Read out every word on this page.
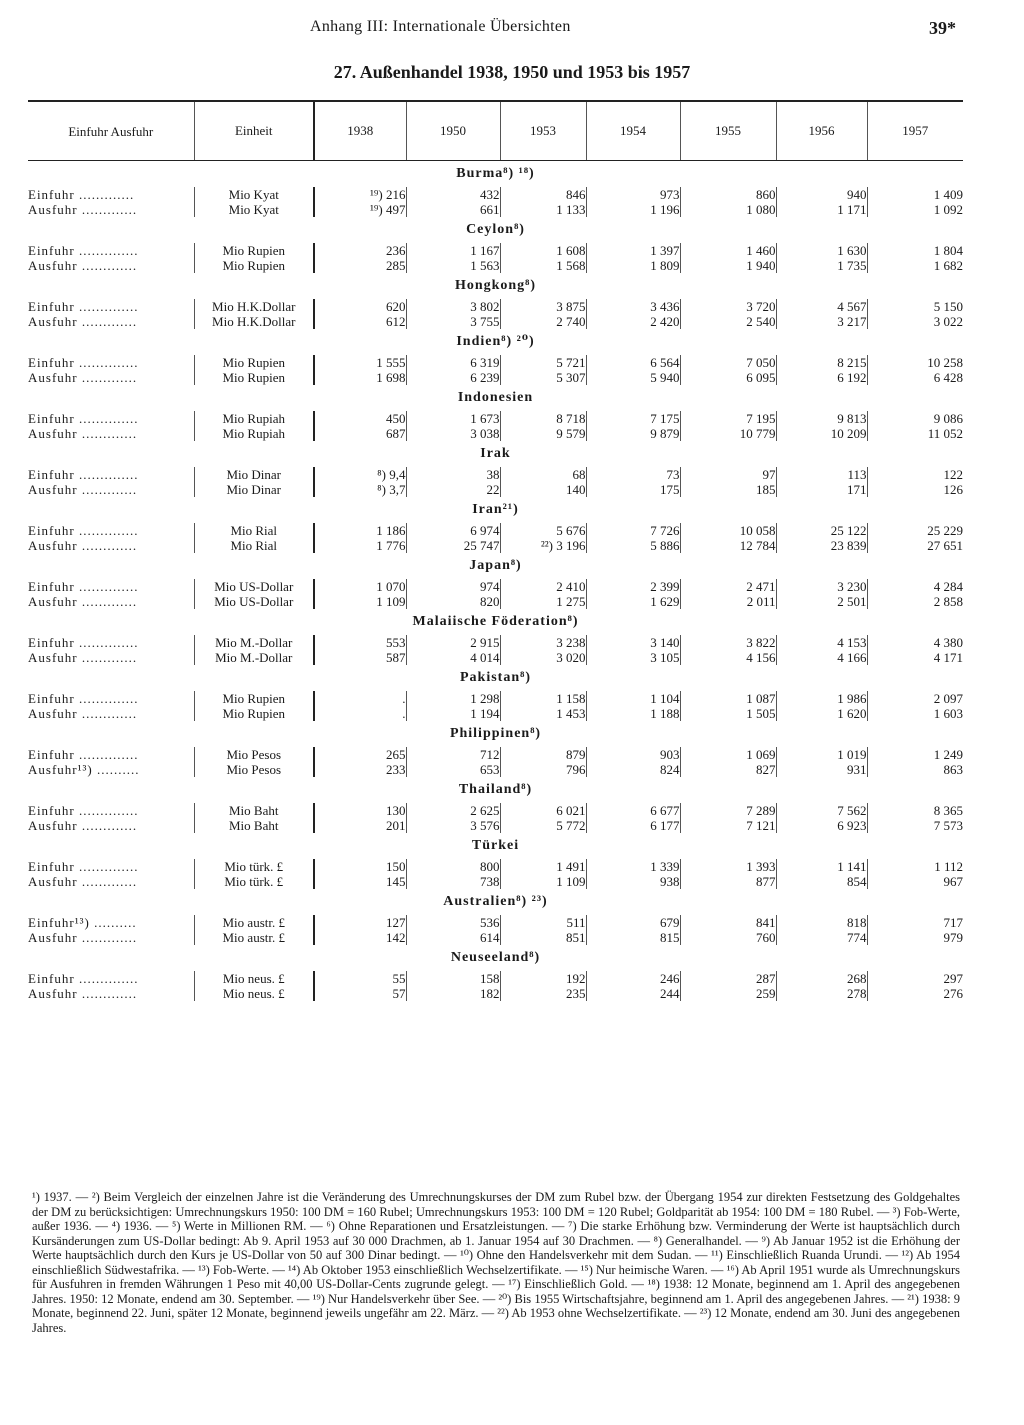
Anhang III: Internationale Übersichten	39*
27. Außenhandel 1938, 1950 und 1953 bis 1957
Einfuhr Ausfuhr	Einheit	1938	1950	1953	1954	1955	1956	1957
Burma⁸) ¹⁸)								
Einfuhr .............	Mio Kyat	¹⁹) 216	432	846	973	860	940	1 409
Ausfuhr .............	Mio Kyat	¹⁹) 497	661	1 133	1 196	1 080	1 171	1 092
Ceylon⁸)								
Einfuhr ..............	Mio Rupien	236	1 167	1 608	1 397	1 460	1 630	1 804
Ausfuhr .............	Mio Rupien	285	1 563	1 568	1 809	1 940	1 735	1 682
Hongkong⁸)								
Einfuhr ..............	Mio H.K.Dollar	620	3 802	3 875	3 436	3 720	4 567	5 150
Ausfuhr .............	Mio H.K.Dollar	612	3 755	2 740	2 420	2 540	3 217	3 022
Indien⁸) ²⁰)								
Einfuhr ..............	Mio Rupien	1 555	6 319	5 721	6 564	7 050	8 215	10 258
Ausfuhr .............	Mio Rupien	1 698	6 239	5 307	5 940	6 095	6 192	6 428
Indonesien								
Einfuhr ..............	Mio Rupiah	450	1 673	8 718	7 175	7 195	9 813	9 086
Ausfuhr .............	Mio Rupiah	687	3 038	9 579	9 879	10 779	10 209	11 052
Irak								
Einfuhr ..............	Mio Dinar	⁸) 9,4	38	68	73	97	113	122
Ausfuhr .............	Mio Dinar	⁸) 3,7	22	140	175	185	171	126
Iran²¹)								
Einfuhr ..............	Mio Rial	1 186	6 974	5 676	7 726	10 058	25 122	25 229
Ausfuhr .............	Mio Rial	1 776	25 747	²²) 3 196	5 886	12 784	23 839	27 651
Japan⁸)								
Einfuhr ..............	Mio US-Dollar	1 070	974	2 410	2 399	2 471	3 230	4 284
Ausfuhr .............	Mio US-Dollar	1 109	820	1 275	1 629	2 011	2 501	2 858
Malaiische Föderation⁸)								
Einfuhr ..............	Mio M.-Dollar	553	2 915	3 238	3 140	3 822	4 153	4 380
Ausfuhr .............	Mio M.-Dollar	587	4 014	3 020	3 105	4 156	4 166	4 171
Pakistan⁸)								
Einfuhr ..............	Mio Rupien	.	1 298	1 158	1 104	1 087	1 986	2 097
Ausfuhr .............	Mio Rupien	.	1 194	1 453	1 188	1 505	1 620	1 603
Philippinen⁸)								
Einfuhr ..............	Mio Pesos	265	712	879	903	1 069	1 019	1 249
Ausfuhr¹³) ..........	Mio Pesos	233	653	796	824	827	931	863
Thailand⁸)								
Einfuhr ..............	Mio Baht	130	2 625	6 021	6 677	7 289	7 562	8 365
Ausfuhr .............	Mio Baht	201	3 576	5 772	6 177	7 121	6 923	7 573
Türkei								
Einfuhr ..............	Mio türk. £	150	800	1 491	1 339	1 393	1 141	1 112
Ausfuhr .............	Mio türk. £	145	738	1 109	938	877	854	967
Australien⁸) ²³)								
Einfuhr¹³) ..........	Mio austr. £	127	536	511	679	841	818	717
Ausfuhr .............	Mio austr. £	142	614	851	815	760	774	979
Neuseeland⁸)								
Einfuhr ..............	Mio neus. £	55	158	192	246	287	268	297
Ausfuhr .............	Mio neus. £	57	182	235	244	259	278	276
¹) 1937. — ²) Beim Vergleich der einzelnen Jahre ist die Veränderung des Umrechnungskurses der DM zum Rubel bzw. der Übergang 1954 zur direkten Festsetzung des Goldgehaltes der DM zu berücksichtigen: Umrechnungskurs 1950: 100 DM = 160 Rubel; Umrechnungskurs 1953: 100 DM = 120 Rubel; Goldparität ab 1954: 100 DM = 180 Rubel. — ³) Fob-Werte, außer 1936. — ⁴) 1936. — ⁵) Werte in Millionen RM. — ⁶) Ohne Reparationen und Ersatzleistungen. — ⁷) Die starke Erhöhung bzw. Verminderung der Werte ist hauptsächlich durch Kursänderungen zum US-Dollar bedingt: Ab 9. April 1953 auf 30 000 Drachmen, ab 1. Januar 1954 auf 30 Drachmen. — ⁸) Generalhandel. — ⁹) Ab Januar 1952 ist die Erhöhung der Werte hauptsächlich durch den Kurs je US-Dollar von 50 auf 300 Dinar bedingt. — ¹⁰) Ohne den Handelsverkehr mit dem Sudan. — ¹¹) Einschließlich Ruanda Urundi. — ¹²) Ab 1954 einschließlich Südwestafrika. — ¹³) Fob-Werte. — ¹⁴) Ab Oktober 1953 einschließlich Wechselzertifikate. — ¹⁵) Nur heimische Waren. — ¹⁶) Ab April 1951 wurde als Umrechnungskurs für Ausfuhren in fremden Währungen 1 Peso mit 40,00 US-Dollar-Cents zugrunde gelegt. — ¹⁷) Einschließlich Gold. — ¹⁸) 1938: 12 Monate, beginnend am 1. April des angegebenen Jahres. 1950: 12 Monate, endend am 30. September. — ¹⁹) Nur Handelsverkehr über See. — ²⁰) Bis 1955 Wirtschaftsjahre, beginnend am 1. April des angegebenen Jahres. — ²¹) 1938: 9 Monate, beginnend 22. Juni, später 12 Monate, beginnend jeweils ungefähr am 22. März. — ²²) Ab 1953 ohne Wechselzertifikate. — ²³) 12 Monate, endend am 30. Juni des angegebenen Jahres.
